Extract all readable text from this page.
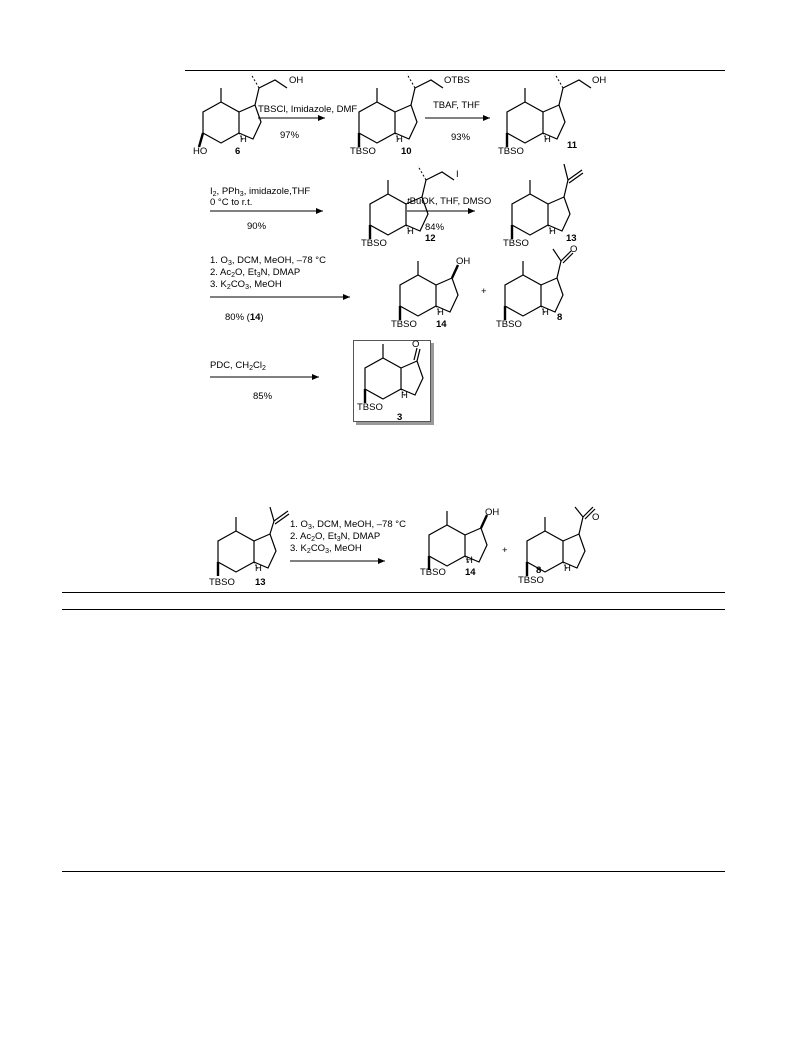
OH
HO
H
6
TBSCl, Imidazole, DMF
97%
OTBS
TBSO
H
10
TBAF, THF
93%
OH
TBSO
H
11
$I_2$, PPh$_3$, imidazole,THF
0 °C to r.t.
90%
I
TBSO
H
12
tBuOK, THF, DMSO
84%
TBSO
H
13
1. $O_3$, DCM, MeOH, –78 °C
2. $Ac_2O$, $Et_3N$, DMAP
3. $K_2CO_3$, MeOH
80% (14)
OH
TBSO
H
14
+
O
TBSO
H 8
PDC, $CH_2Cl_2$
85%
O
TBSO
H
3
TBSO
H
13
1. $O_3$, DCM, MeOH, –78 °C
2. $Ac_2O$, $Et_3N$, DMAP
3. $K_2CO_3$, MeOH
OH
TBSO
H
14
+
O
TBSO
H
8
